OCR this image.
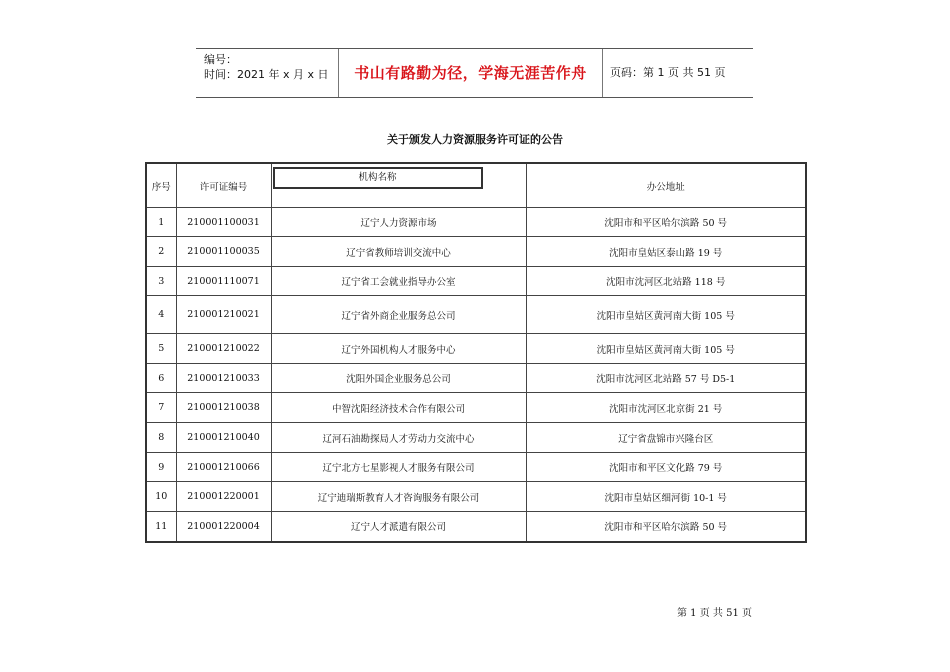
编号：
时间：2021 年 x 月 x 日	书山有路勤为径，学海无涯苦作舟	页码：第 1 页 共 51 页
关于颁发人力资源服务许可证的公告
序号	许可证编号	机构名称	办公地址
1	210001100031	辽宁人力资源市场	沈阳市和平区哈尔滨路 50 号
2	210001100035	辽宁省教师培训交流中心	沈阳市皇姑区泰山路 19 号
3	210001110071	辽宁省工会就业指导办公室	沈阳市沈河区北站路 118 号
4	210001210021	辽宁省外商企业服务总公司	沈阳市皇姑区黄河南大街 105 号
5	210001210022	辽宁外国机构人才服务中心	沈阳市皇姑区黄河南大街 105 号
6	210001210033	沈阳外国企业服务总公司	沈阳市沈河区北站路 57 号 D5-1
7	210001210038	中智沈阳经济技术合作有限公司	沈阳市沈河区北京街 21 号
8	210001210040	辽河石油勘探局人才劳动力交流中心	辽宁省盘锦市兴隆台区
9	210001210066	辽宁北方七星影视人才服务有限公司	沈阳市和平区文化路 79 号
10	210001220001	辽宁迪瑞斯教育人才咨询服务有限公司	沈阳市皇姑区细河街 10-1 号
11	210001220004	辽宁人才派遣有限公司	沈阳市和平区哈尔滨路 50 号
第 1 页 共 51 页
